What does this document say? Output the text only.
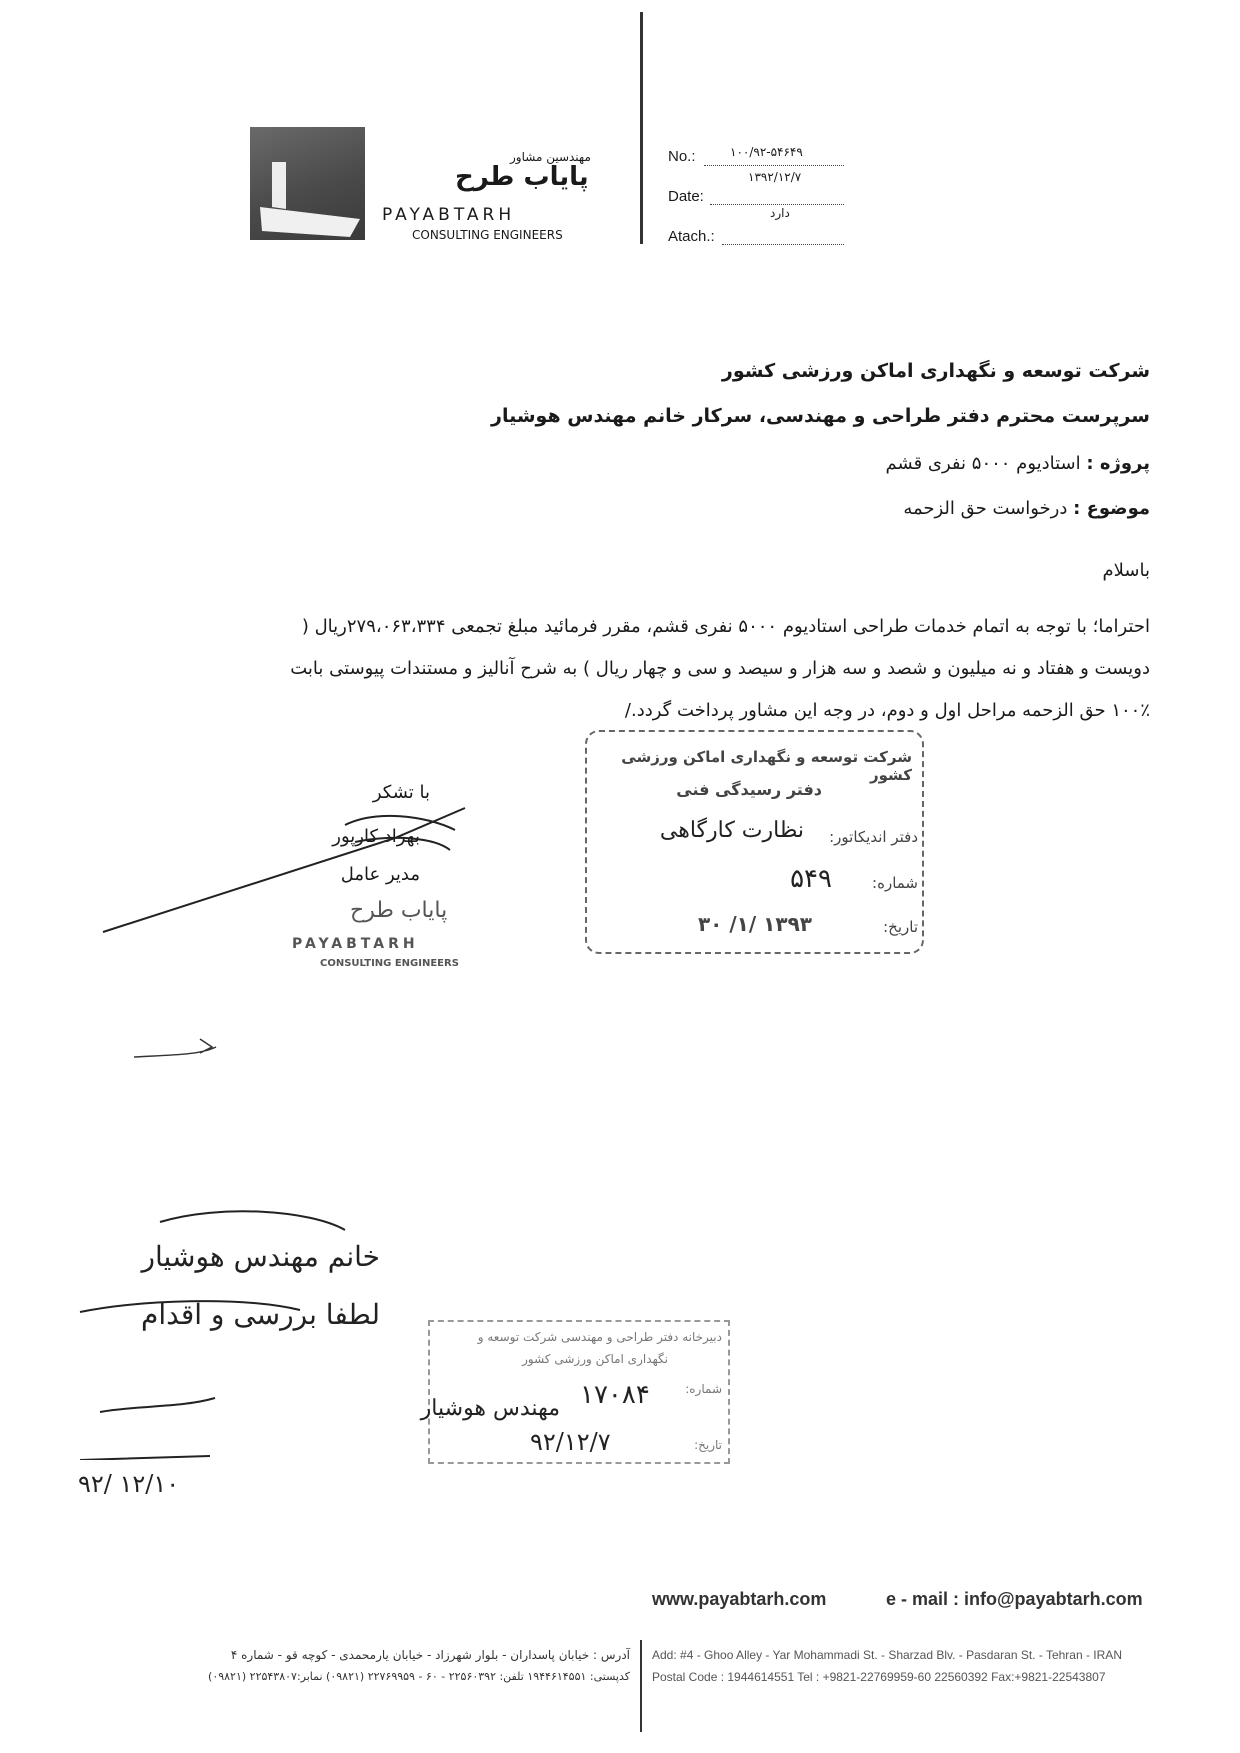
مهندسین مشاور
پایاب طرح
PAYABTARH
CONSULTING ENGINEERS
No.:	۱۰۰/۹۲-۵۴۶۴۹
۱۳۹۲/۱۲/۷
Date:
دارد
Atach.:
شرکت توسعه و نگهداری اماکن ورزشی کشور
سرپرست محترم دفتر طراحی و مهندسی، سرکار خانم مهندس هوشیار
پروژه : استادیوم ۵۰۰۰ نفری قشم
موضوع : درخواست حق الزحمه
باسلام
احتراما؛ با توجه به اتمام خدمات طراحی استادیوم ۵۰۰۰ نفری قشم، مقرر فرمائید مبلغ تجمعی ۲۷۹،۰۶۳،۳۳۴ریال (
دویست و هفتاد و نه میلیون و شصد و سه هزار و سیصد و سی و چهار ریال ) به شرح آنالیز و مستندات پیوستی بابت
۱۰۰٪ حق الزحمه مراحل اول و دوم، در وجه این مشاور پرداخت گردد./
با تشکر
بهزاد کارپور
مدیر عامل
پایاب طرح
PAYABTARH
CONSULTING ENGINEERS
شرکت توسعه و نگهداری اماکن ورزشی کشور
دفتر رسیدگی فنی
دفتر اندیکاتور:
نظارت کارگاهی
شماره:
۵۴۹
تاریخ:
۱۳۹۳ /۱/ ۳۰
خانم مهندس هوشیار
لطفا بررسی و اقدام
۹۲/ ۱۲/۱۰
دبیرخانه دفتر طراحی و مهندسی شرکت توسعه و
نگهداری اماکن ورزشی کشور
شماره:
۱۷۰۸۴
تاریخ:
۹۲/۱۲/۷
مهندس هوشیار
www.payabtarh.com	e - mail : info@payabtarh.com
آدرس : خیابان پاسداران - بلوار شهرزاد - خیابان یارمحمدی - کوچه قو - شماره ۴
کدپستی: ۱۹۴۴۶۱۴۵۵۱ تلفن: ۲۲۵۶۰۳۹۲ - ۶۰ - ۲۲۷۶۹۹۵۹ (۰۹۸۲۱) نمابر:۲۲۵۴۳۸۰۷ (۰۹۸۲۱)
Add: #4 - Ghoo Alley - Yar Mohammadi St. - Sharzad Blv. - Pasdaran St. - Tehran - IRAN
Postal Code : 1944614551 Tel : +9821-22769959-60 22560392 Fax:+9821-22543807
